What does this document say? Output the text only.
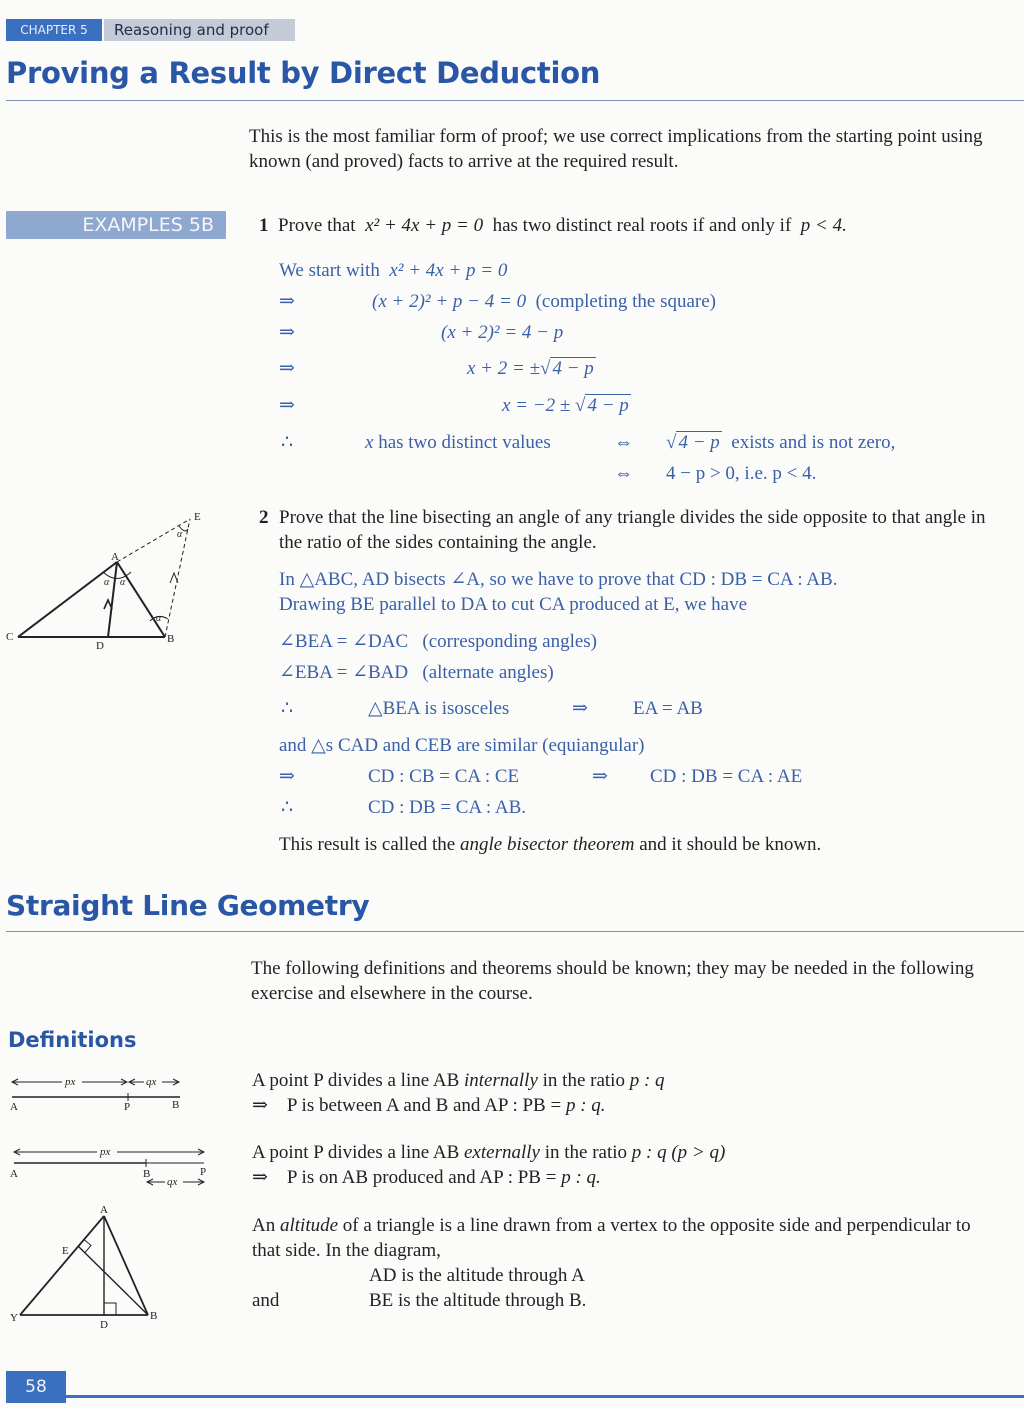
CHAPTER 5	Reasoning and proof
Proving a Result by Direct Deduction

This is the most familiar form of proof; we use correct implications from the starting point using known (and proved) facts to arrive at the required result.

EXAMPLES 5B	1 Prove that x² + 4x + p = 0 has two distinct real roots if and only if p < 4.
We start with x² + 4x + p = 0
⇒	(x + 2)² + p − 4 = 0 (completing the square)
⇒	(x + 2)² = 4 − p
⇒	x + 2 = ±√ 4 − p
⇒	x = −2 ± √ 4 − p
∴	x has two distinct values	⇔ √ 4 − p exists and is not zero,
⇔ 4 − p > 0, i.e. p < 4.
A
B
C
D
E
α α
α
α
2 Prove that the line bisecting an angle of any triangle divides the side opposite to that angle in the ratio of the sides containing the angle.
In △ABC, AD bisects ∠A, so we have to prove that CD : DB = CA : AB.
Drawing BE parallel to DA to cut CA produced at E, we have
∠BEA = ∠DAC (corresponding angles)
∠EBA = ∠BAD (alternate angles)
∴	△BEA is isosceles	⇒ EA = AB
and △s CAD and CEB are similar (equiangular)
⇒	CD : CB = CA : CE	⇒ CD : DB = CA : AE
∴	CD : DB = CA : AB.
This result is called the angle bisector theorem and it should be known.
Straight Line Geometry

The following definitions and theorems should be known; they may be needed in the following exercise and elsewhere in the course.

Definitions
px	qx
A	P	B
A point P divides a line AB internally in the ratio p : q
⇒ P is between A and B and AP : PB = p : q.
px
A	B	P
qx
A point P divides a line AB externally in the ratio p : q (p > q)
⇒ P is on AB produced and AP : PB = p : q.
A
E
Y
D
B
An altitude of a triangle is a line drawn from a vertex to the opposite side and perpendicular to that side. In the diagram,
AD is the altitude through A
and	BE is the altitude through B.
58
